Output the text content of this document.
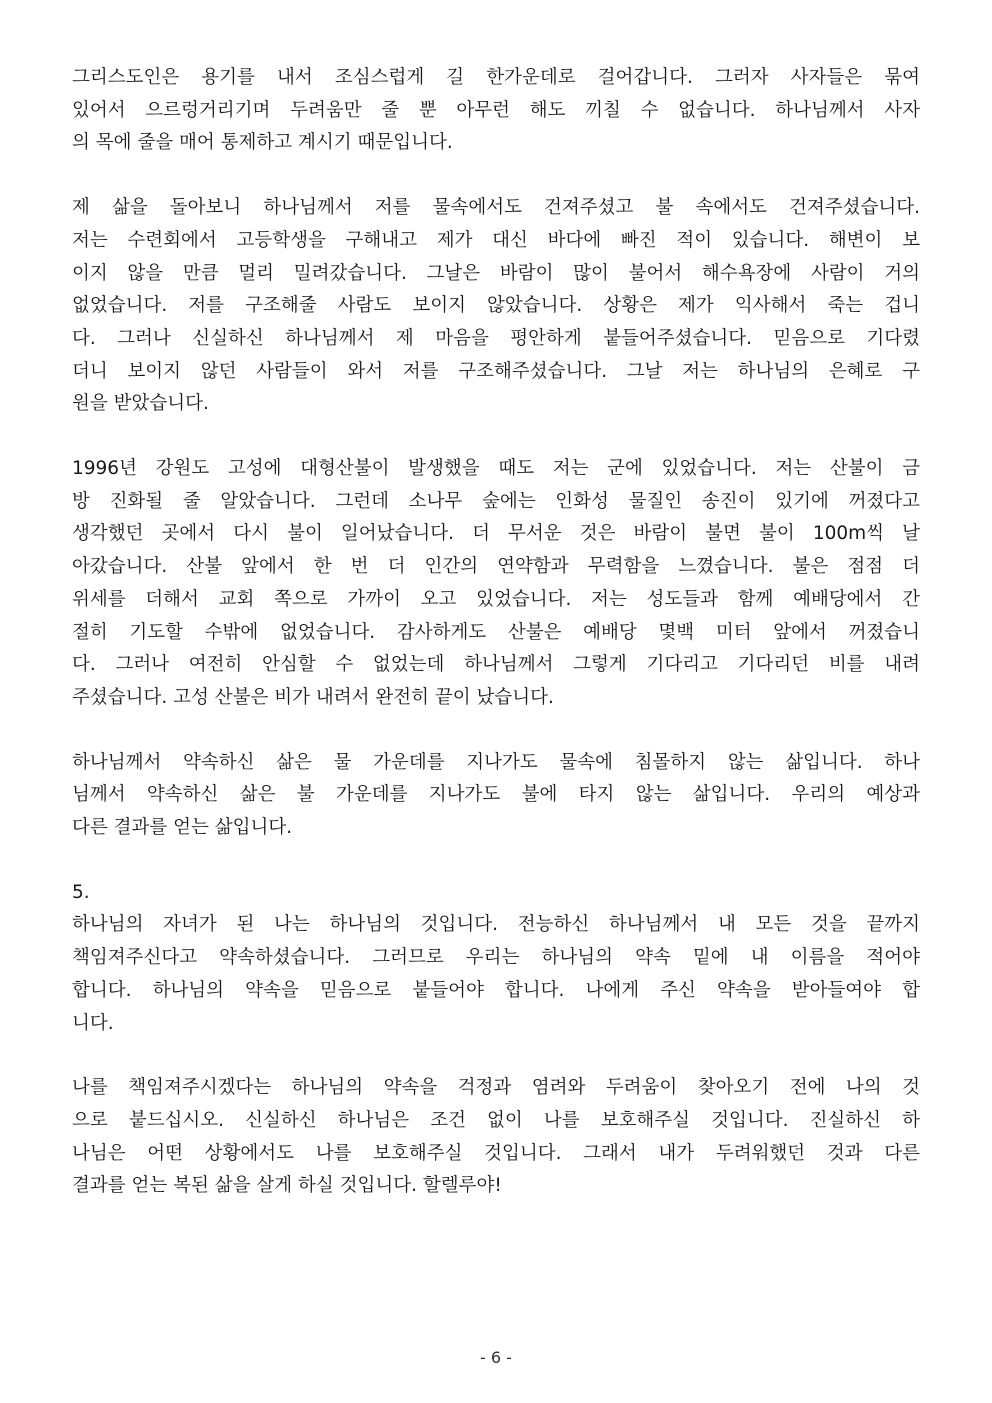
그리스도인은 용기를 내서 조심스럽게 길 한가운데로 걸어갑니다. 그러자 사자들은 묶여
있어서 으르렁거리기며 두려움만 줄 뿐 아무런 해도 끼칠 수 없습니다. 하나님께서 사자
의 목에 줄을 매어 통제하고 계시기 때문입니다.

제 삶을 돌아보니 하나님께서 저를 물속에서도 건져주셨고 불 속에서도 건져주셨습니다.
저는 수련회에서 고등학생을 구해내고 제가 대신 바다에 빠진 적이 있습니다. 해변이 보
이지 않을 만큼 멀리 밀려갔습니다. 그날은 바람이 많이 불어서 해수욕장에 사람이 거의
없었습니다. 저를 구조해줄 사람도 보이지 않았습니다. 상황은 제가 익사해서 죽는 겁니
다. 그러나 신실하신 하나님께서 제 마음을 평안하게 붙들어주셨습니다. 믿음으로 기다렸
더니 보이지 않던 사람들이 와서 저를 구조해주셨습니다. 그날 저는 하나님의 은혜로 구
원을 받았습니다.

1996년 강원도 고성에 대형산불이 발생했을 때도 저는 군에 있었습니다. 저는 산불이 금
방 진화될 줄 알았습니다. 그런데 소나무 숲에는 인화성 물질인 송진이 있기에 꺼졌다고
생각했던 곳에서 다시 불이 일어났습니다. 더 무서운 것은 바람이 불면 불이 100m씩 날
아갔습니다. 산불 앞에서 한 번 더 인간의 연약함과 무력함을 느꼈습니다. 불은 점점 더
위세를 더해서 교회 쪽으로 가까이 오고 있었습니다. 저는 성도들과 함께 예배당에서 간
절히 기도할 수밖에 없었습니다. 감사하게도 산불은 예배당 몇백 미터 앞에서 꺼졌습니
다. 그러나 여전히 안심할 수 없었는데 하나님께서 그렇게 기다리고 기다리던 비를 내려
주셨습니다. 고성 산불은 비가 내려서 완전히 끝이 났습니다.

하나님께서 약속하신 삶은 물 가운데를 지나가도 물속에 침몰하지 않는 삶입니다. 하나
님께서 약속하신 삶은 불 가운데를 지나가도 불에 타지 않는 삶입니다. 우리의 예상과
다른 결과를 얻는 삶입니다.

5.

하나님의 자녀가 된 나는 하나님의 것입니다. 전능하신 하나님께서 내 모든 것을 끝까지
책임져주신다고 약속하셨습니다. 그러므로 우리는 하나님의 약속 밑에 내 이름을 적어야
합니다. 하나님의 약속을 믿음으로 붙들어야 합니다. 나에게 주신 약속을 받아들여야 합
니다.

나를 책임져주시겠다는 하나님의 약속을 걱정과 염려와 두려움이 찾아오기 전에 나의 것
으로 붙드십시오. 신실하신 하나님은 조건 없이 나를 보호해주실 것입니다. 진실하신 하
나님은 어떤 상황에서도 나를 보호해주실 것입니다. 그래서 내가 두려워했던 것과 다른
결과를 얻는 복된 삶을 살게 하실 것입니다. 할렐루야!

- 6 -
